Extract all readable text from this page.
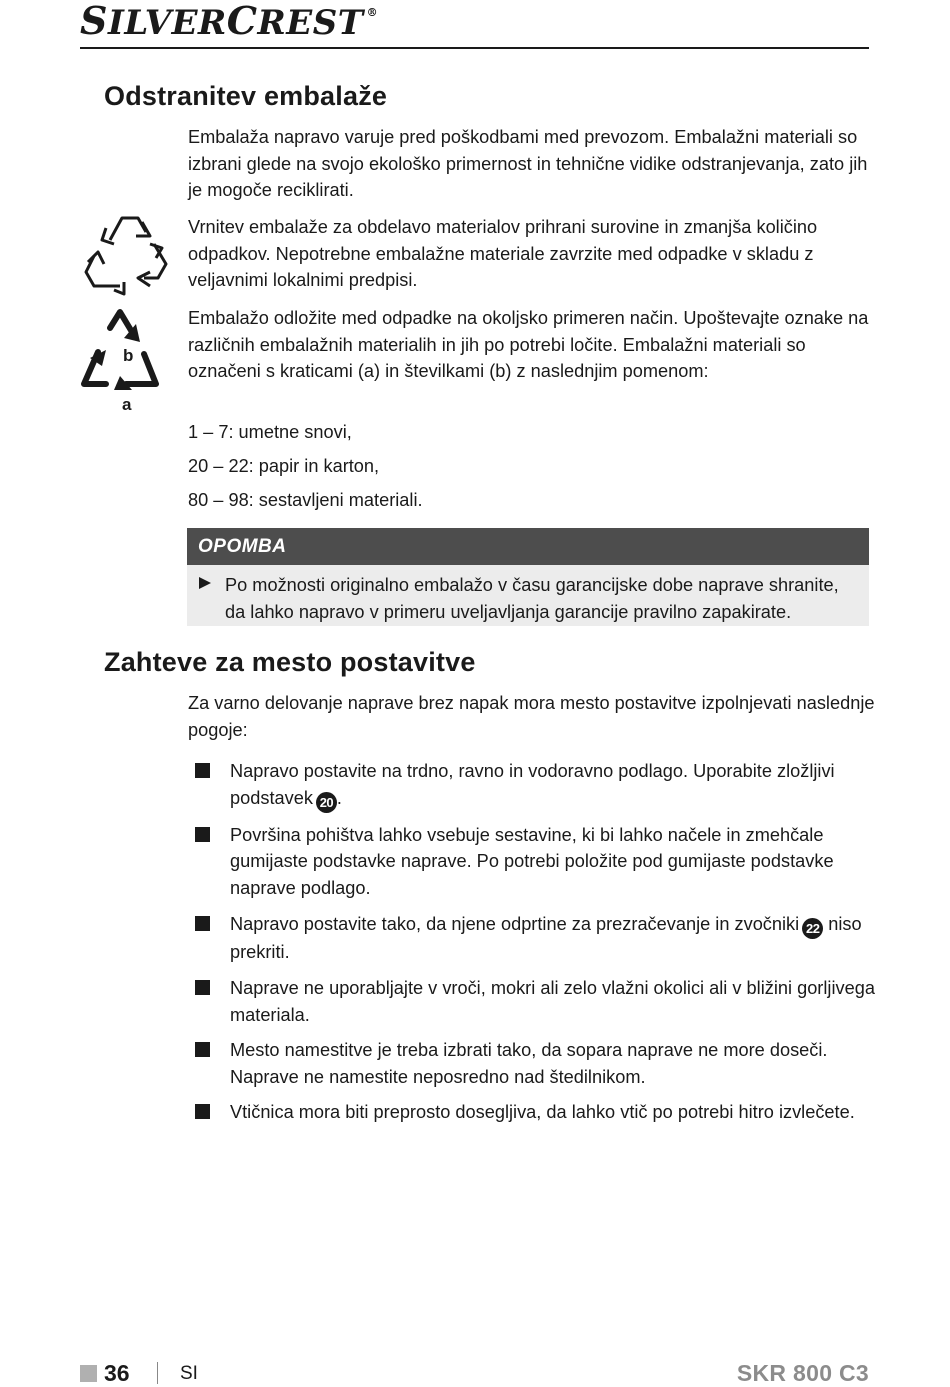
SILVERCREST ®
Odstranitev embalaže

Embalaža napravo varuje pred poškodbami med prevozom. Embalažni materiali so izbrani glede na svojo ekološko primernost in tehnične vidike odstranjevanja, zato jih je mogoče reciklirati.

Vrnitev embalaže za obdelavo materialov prihrani surovine in zmanjša količino odpadkov. Nepotrebne embalažne materiale zavrzite med odpadke v skladu z veljavnimi lokalnimi predpisi.

Embalažo odložite med odpadke na okoljsko primeren način. Upoštevajte oznake na različnih embalažnih materialih in jih po potrebi ločite. Embalažni materiali so označeni s kraticami (a) in številkami (b) z naslednjim pomenom:

1 – 7: umetne snovi,
20 – 22: papir in karton,
80 – 98: sestavljeni materiali.
b
a
OPOMBA
Po možnosti originalno embalažo v času garancijske dobe naprave shranite, da lahko napravo v primeru uveljavljanja garancije pravilno zapakirate.
Zahteve za mesto postavitve

Za varno delovanje naprave brez napak mora mesto postavitve izpolnjevati naslednje pogoje:

Napravo postavite na trdno, ravno in vodoravno podlago. Uporabite zložljivi podstavek 20 .
Površina pohištva lahko vsebuje sestavine, ki bi lahko načele in zmehčale gumijaste podstavke naprave. Po potrebi položite pod gumijaste podstavke naprave podlago.
Napravo postavite tako, da njene odprtine za prezračevanje in zvočniki 22 niso prekriti.
Naprave ne uporabljajte v vroči, mokri ali zelo vlažni okolici ali v bližini gorljivega materiala.
Mesto namestitve je treba izbrati tako, da sopara naprave ne more doseči. Naprave ne namestite neposredno nad štedilnikom.
Vtičnica mora biti preprosto dosegljiva, da lahko vtič po potrebi hitro izvlečete.
36	SI	SKR 800 C3
